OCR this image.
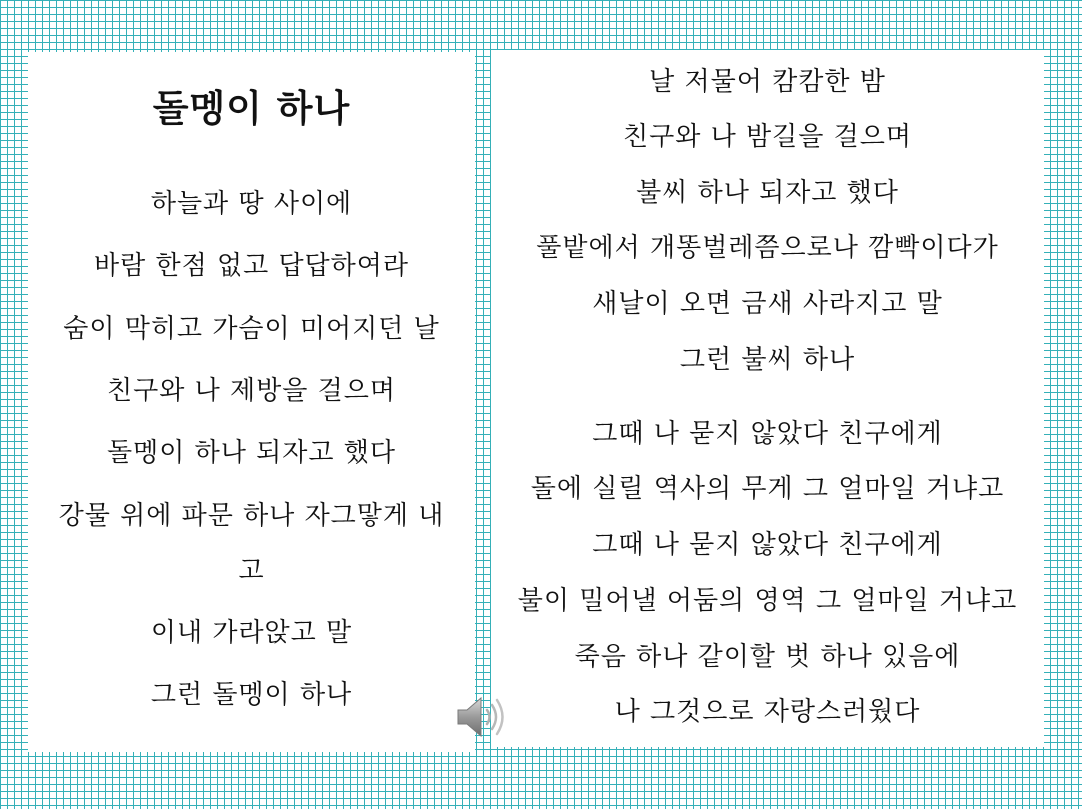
돌멩이 하나
하늘과 땅 사이에
바람 한점 없고 답답하여라
숨이 막히고 가슴이 미어지던 날
친구와 나 제방을 걸으며
돌멩이 하나 되자고 했다
강물 위에 파문 하나 자그맣게 내
고
이내 가라앉고 말
그런 돌멩이 하나
날 저물어 캄캄한 밤
친구와 나 밤길을 걸으며
불씨 하나 되자고 했다
풀밭에서 개똥벌레쯤으로나 깜빡이다가
새날이 오면 금새 사라지고 말
그런 불씨 하나
그때 나 묻지 않았다 친구에게
돌에 실릴 역사의 무게 그 얼마일 거냐고
그때 나 묻지 않았다 친구에게
불이 밀어낼 어둠의 영역 그 얼마일 거냐고
죽음 하나 같이할 벗 하나 있음에
나 그것으로 자랑스러웠다
